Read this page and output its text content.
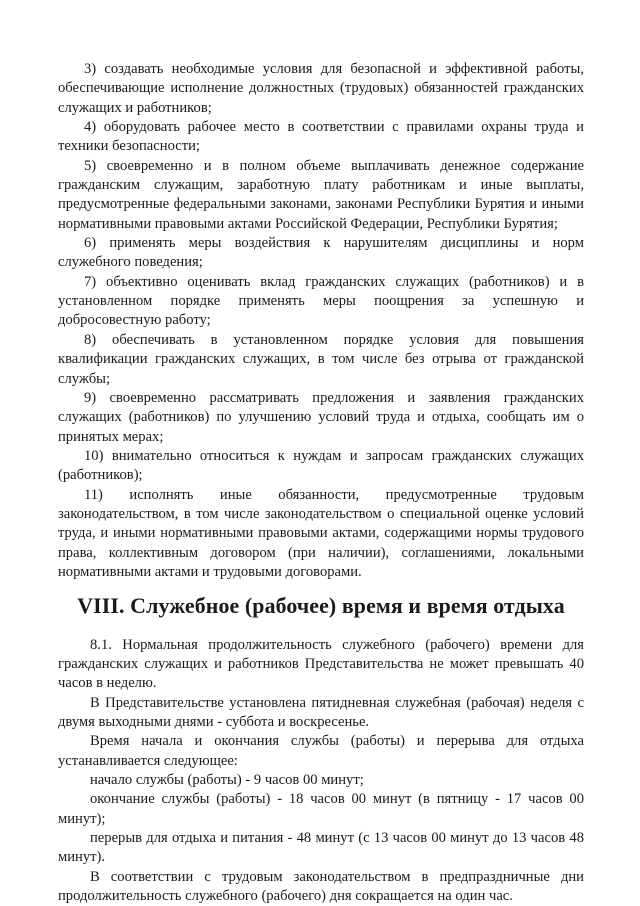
3) создавать необходимые условия для безопасной и эффективной работы, обеспечивающие исполнение должностных (трудовых) обязанностей гражданских служащих и работников;

4) оборудовать рабочее место в соответствии с правилами охраны труда и техники безопасности;

5) своевременно и в полном объеме выплачивать денежное содержание гражданским служащим, заработную плату работникам и иные выплаты, предусмотренные федеральными законами, законами Республики Бурятия и иными нормативными правовыми актами Российской Федерации, Республики Бурятия;

6) применять меры воздействия к нарушителям дисциплины и норм служебного поведения;

7) объективно оценивать вклад гражданских служащих (работников) и в установленном порядке применять меры поощрения за успешную и добросовестную работу;

8) обеспечивать в установленном порядке условия для повышения квалификации гражданских служащих, в том числе без отрыва от гражданской службы;

9) своевременно рассматривать предложения и заявления гражданских служащих (работников) по улучшению условий труда и отдыха, сообщать им о принятых мерах;

10) внимательно относиться к нуждам и запросам гражданских служащих (работников);

11) исполнять иные обязанности, предусмотренные трудовым законодательством, в том числе законодательством о специальной оценке условий труда, и иными нормативными правовыми актами, содержащими нормы трудового права, коллективным договором (при наличии), соглашениями, локальными нормативными актами и трудовыми договорами.

VIII. Служебное (рабочее) время и время отдыха

8.1. Нормальная продолжительность служебного (рабочего) времени для гражданских служащих и работников Представительства не может превышать 40 часов в неделю.

В Представительстве установлена пятидневная служебная (рабочая) неделя с двумя выходными днями - суббота и воскресенье.

Время начала и окончания службы (работы) и перерыва для отдыха устанавливается следующее:

начало службы (работы) - 9 часов 00 минут;

окончание службы (работы) - 18 часов 00 минут (в пятницу - 17 часов 00 минут);

перерыв для отдыха и питания - 48 минут (с 13 часов 00 минут до 13 часов 48 минут).

В соответствии с трудовым законодательством в предпраздничные дни продолжительность служебного (рабочего) дня сокращается на один час.
